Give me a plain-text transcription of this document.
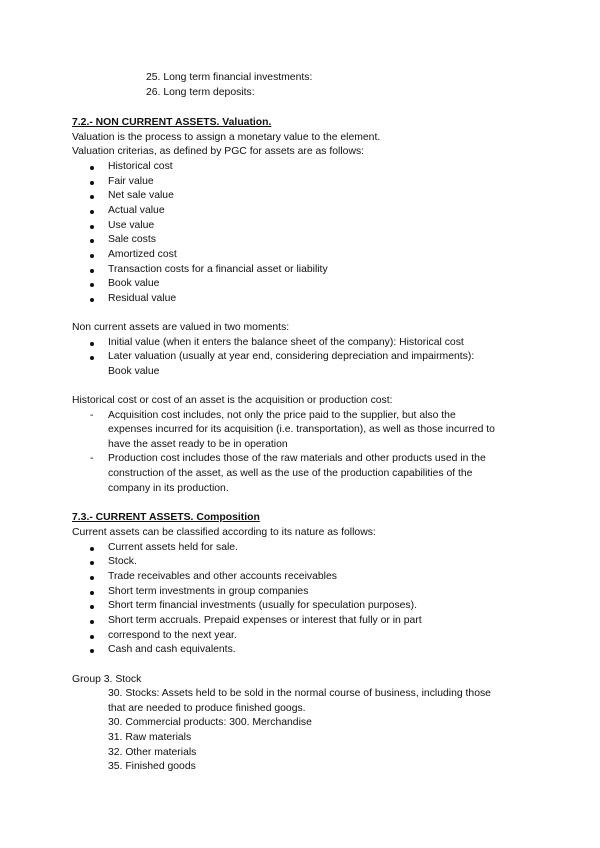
25. Long term financial investments:
26. Long term deposits:
7.2.- NON CURRENT ASSETS. Valuation.
Valuation is the process to assign a monetary value to the element.
Valuation criterias, as defined by PGC for assets are as follows:
Historical cost
Fair value
Net sale value
Actual value
Use value
Sale costs
Amortized cost
Transaction costs for a financial asset or liability
Book value
Residual value
Non current assets are valued in two moments:
Initial value (when it enters the balance sheet of the company): Historical cost
Later valuation (usually at year end, considering depreciation and impairments):
Book value
Historical cost or cost of an asset is the acquisition or production cost:
- Acquisition cost includes, not only the price paid to the supplier, but also the
expenses incurred for its acquisition (i.e. transportation), as well as those incurred to
have the asset ready to be in operation
- Production cost includes those of the raw materials and other products used in the
construction of the asset, as well as the use of the production capabilities of the
company in its production.
7.3.- CURRENT ASSETS. Composition
Current assets can be classified according to its nature as follows:
Current assets held for sale.
Stock.
Trade receivables and other accounts receivables
Short term investments in group companies
Short term financial investments (usually for speculation purposes).
Short term accruals. Prepaid expenses or interest that fully or in part
correspond to the next year.
Cash and cash equivalents.
Group 3. Stock
30. Stocks: Assets held to be sold in the normal course of business, including those
that are needed to produce finished googs.
30. Commercial products: 300. Merchandise
31. Raw materials
32. Other materials
35. Finished goods
